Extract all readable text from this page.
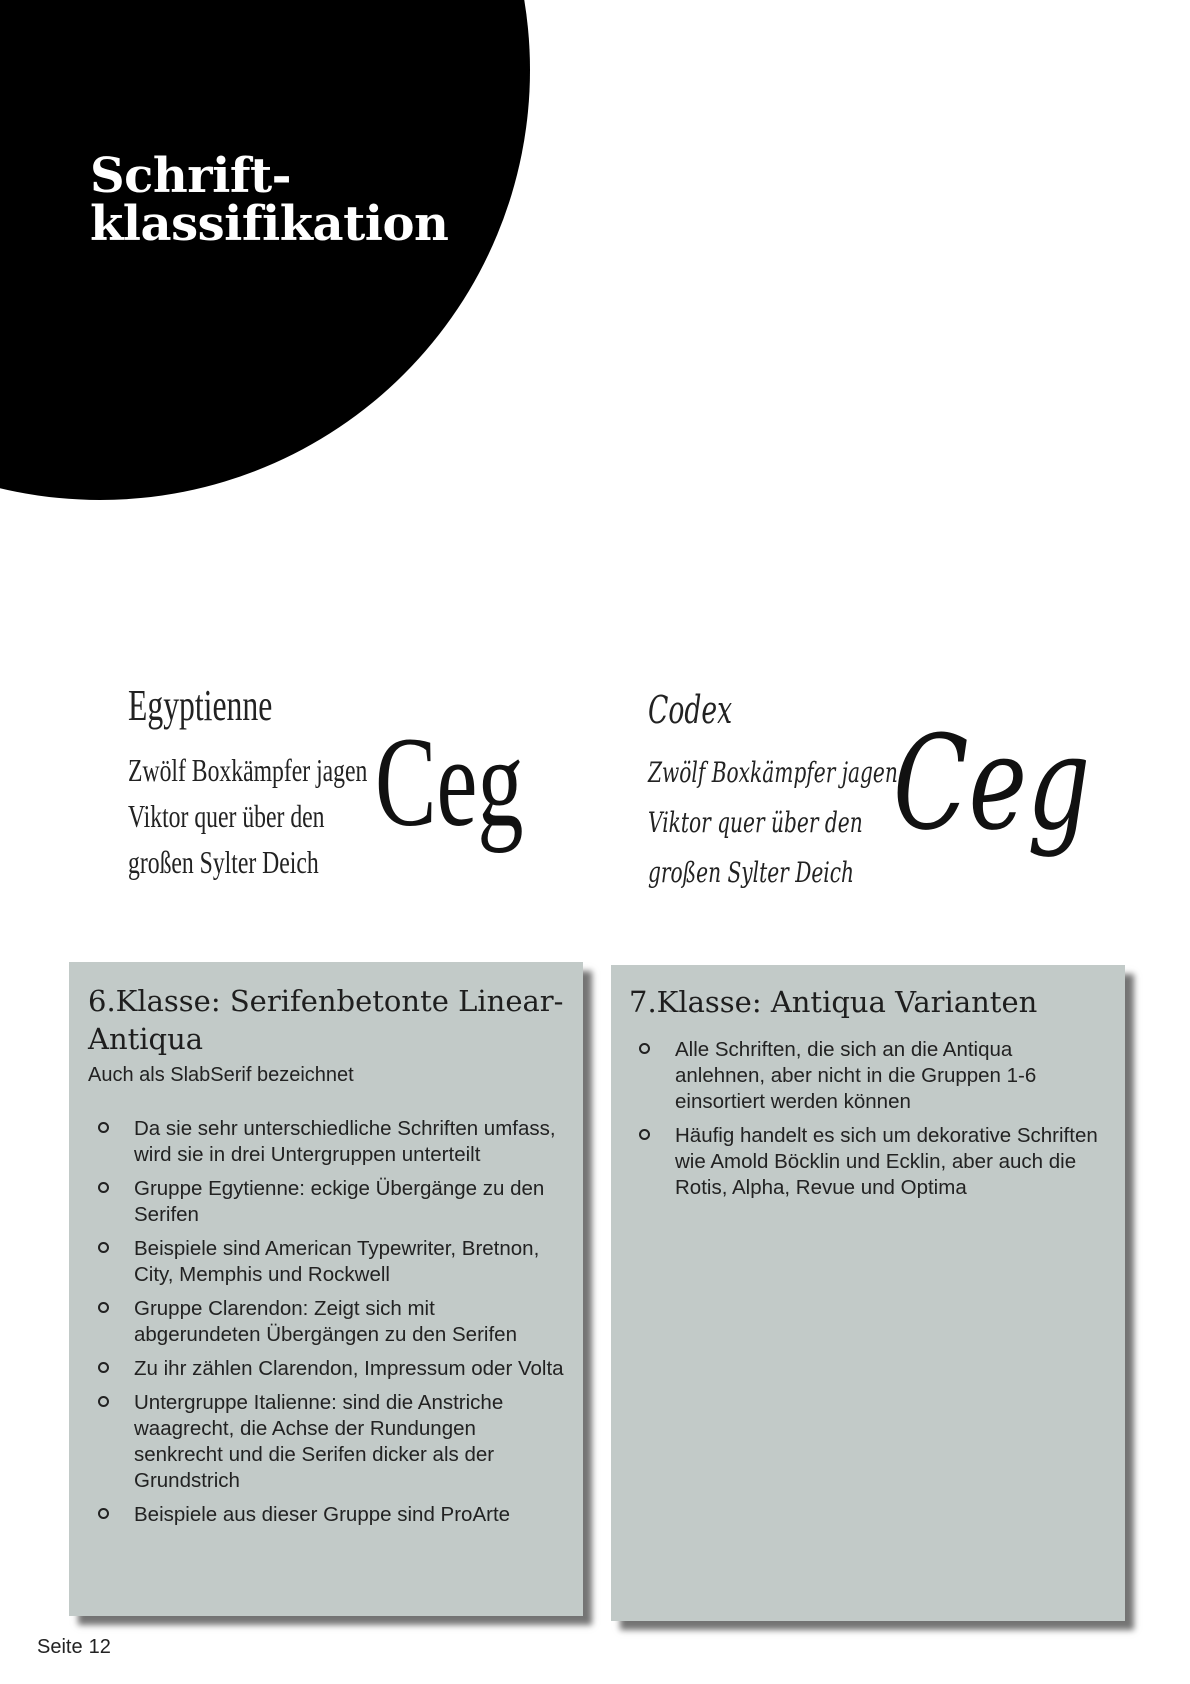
Schrift-
klassifikation
Egyptienne
Zwölf Boxkämpfer jagen
Viktor quer über den
großen Sylter Deich
Ceg
Codex
Zwölf Boxkämpfer jagen
Viktor quer über den
großen Sylter Deich
Ceg
6.Klasse: Serifenbetonte Linear-Antiqua

Auch als SlabSerif bezeichnet

Da sie sehr unterschiedliche Schriften umfass, wird sie in drei Untergruppen unterteilt
Gruppe Egytienne: eckige Übergänge zu den Serifen
Beispiele sind American Typewriter, Bretnon, City, Memphis und Rockwell
Gruppe Clarendon: Zeigt sich mit abgerundeten Übergängen zu den Serifen
Zu ihr zählen Clarendon, Impressum oder Volta
Untergruppe Italienne: sind die Anstriche waagrecht, die Achse der Rundungen senkrecht und die Serifen dicker als der Grundstrich
Beispiele aus dieser Gruppe sind ProArte
7.Klasse: Antiqua Varianten
Alle Schriften, die sich an die Antiqua anlehnen, aber nicht in die Gruppen 1-6 einsortiert werden können
Häufig handelt es sich um dekorative Schriften wie Amold Böcklin und Ecklin, aber auch die Rotis, Alpha, Revue und Optima
Seite 12
